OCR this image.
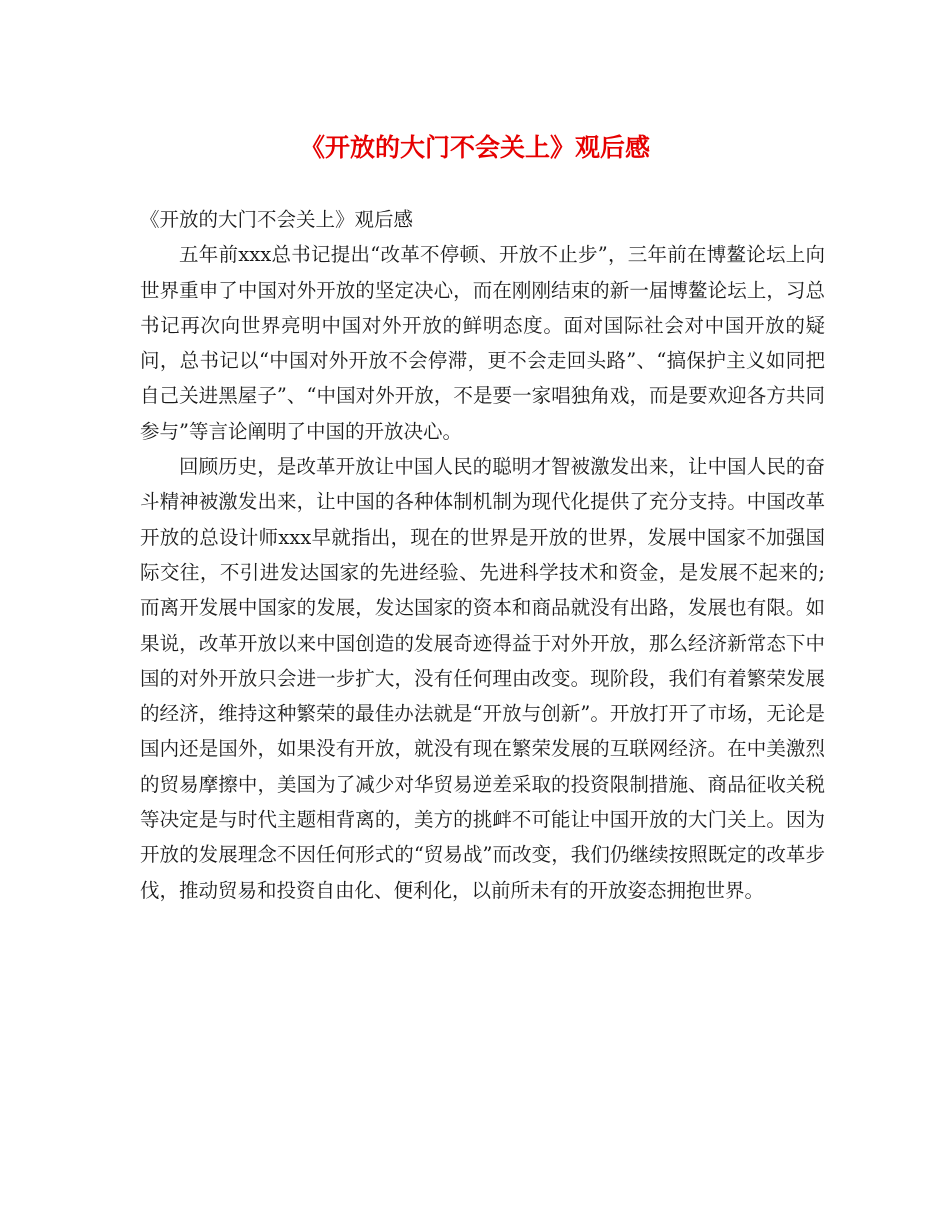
《开放的大门不会关上》观后感

《开放的大门不会关上》观后感

五年前xxx总书记提出“改革不停顿、开放不止步”，三年前在博鳌论坛上向世界重申了中国对外开放的坚定决心，而在刚刚结束的新一届博鳌论坛上，习总书记再次向世界亮明中国对外开放的鲜明态度。面对国际社会对中国开放的疑问，总书记以“中国对外开放不会停滞，更不会走回头路”、“搞保护主义如同把自己关进黑屋子”、“中国对外开放，不是要一家唱独角戏，而是要欢迎各方共同参与”等言论阐明了中国的开放决心。

回顾历史，是改革开放让中国人民的聪明才智被激发出来，让中国人民的奋斗精神被激发出来，让中国的各种体制机制为现代化提供了充分支持。中国改革开放的总设计师xxx早就指出，现在的世界是开放的世界，发展中国家不加强国际交往，不引进发达国家的先进经验、先进科学技术和资金，是发展不起来的;而离开发展中国家的发展，发达国家的资本和商品就没有出路，发展也有限。如果说，改革开放以来中国创造的发展奇迹得益于对外开放，那么经济新常态下中国的对外开放只会进一步扩大，没有任何理由改变。现阶段，我们有着繁荣发展的经济，维持这种繁荣的最佳办法就是“开放与创新”。开放打开了市场，无论是国内还是国外，如果没有开放，就没有现在繁荣发展的互联网经济。在中美激烈的贸易摩擦中，美国为了减少对华贸易逆差采取的投资限制措施、商品征收关税等决定是与时代主题相背离的，美方的挑衅不可能让中国开放的大门关上。因为开放的发展理念不因任何形式的“贸易战”而改变，我们仍继续按照既定的改革步伐，推动贸易和投资自由化、便利化，以前所未有的开放姿态拥抱世界。
